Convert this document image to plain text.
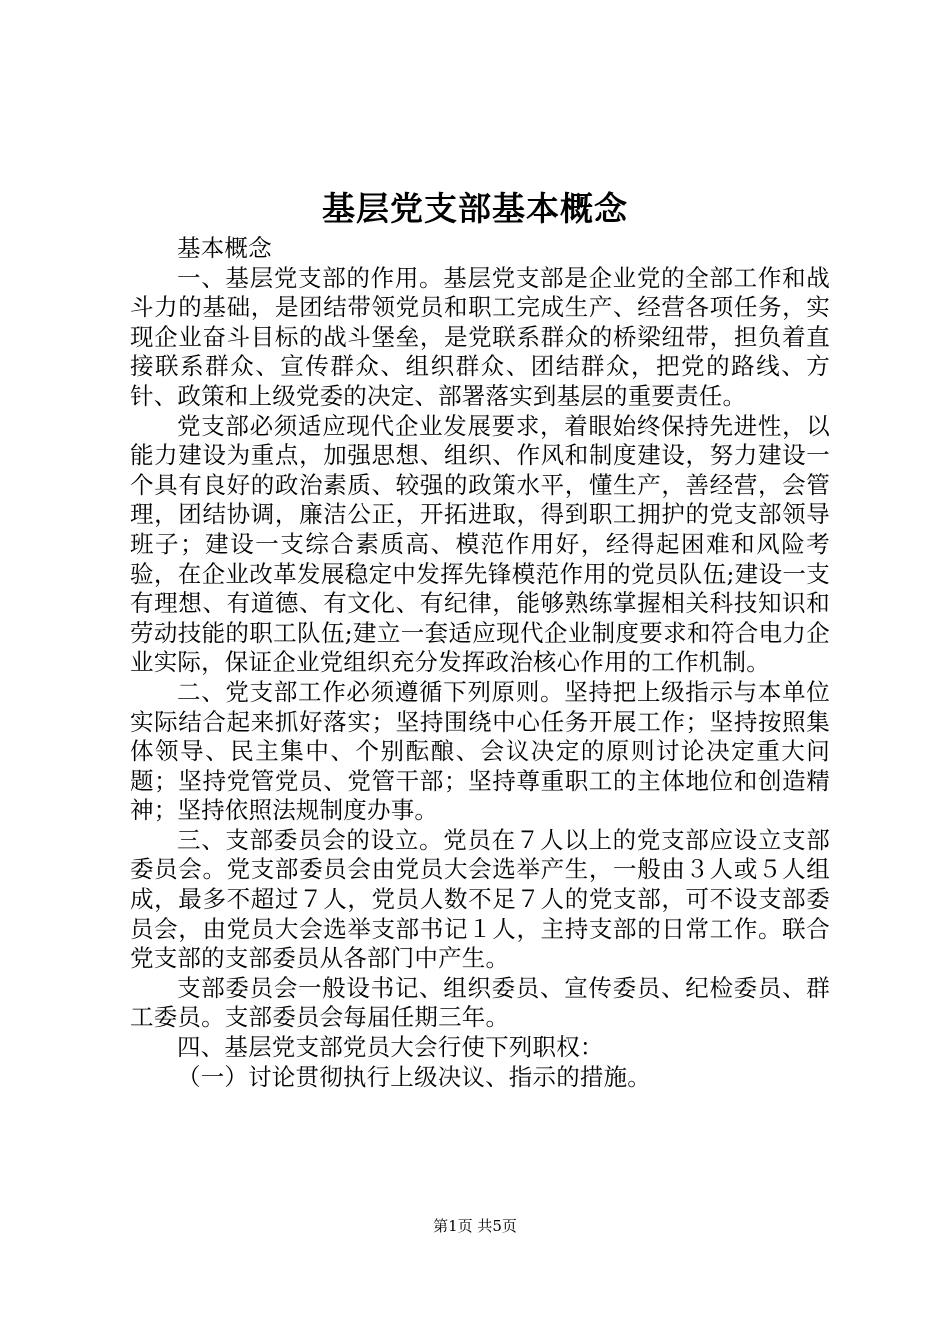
基层党支部基本概念

基本概念

一、基层党支部的作用。基层党支部是企业党的全部工作和战斗力的基础，是团结带领党员和职工完成生产、经营各项任务，实现企业奋斗目标的战斗堡垒，是党联系群众的桥梁纽带，担负着直接联系群众、宣传群众、组织群众、团结群众，把党的路线、方针、政策和上级党委的决定、部署落实到基层的重要责任。

党支部必须适应现代企业发展要求，着眼始终保持先进性，以能力建设为重点，加强思想、组织、作风和制度建设，努力建设一个具有良好的政治素质、较强的政策水平，懂生产，善经营，会管理，团结协调，廉洁公正，开拓进取，得到职工拥护的党支部领导班子；建设一支综合素质高、模范作用好，经得起困难和风险考验，在企业改革发展稳定中发挥先锋模范作用的党员队伍;建设一支有理想、有道德、有文化、有纪律，能够熟练掌握相关科技知识和劳动技能的职工队伍;建立一套适应现代企业制度要求和符合电力企业实际，保证企业党组织充分发挥政治核心作用的工作机制。

二、党支部工作必须遵循下列原则。坚持把上级指示与本单位实际结合起来抓好落实；坚持围绕中心任务开展工作；坚持按照集体领导、民主集中、个别酝酿、会议决定的原则讨论决定重大问题；坚持党管党员、党管干部；坚持尊重职工的主体地位和创造精神；坚持依照法规制度办事。

三、支部委员会的设立。党员在７人以上的党支部应设立支部委员会。党支部委员会由党员大会选举产生，一般由３人或５人组成，最多不超过７人，党员人数不足７人的党支部，可不设支部委员会，由党员大会选举支部书记１人，主持支部的日常工作。联合党支部的支部委员从各部门中产生。

支部委员会一般设书记、组织委员、宣传委员、纪检委员、群工委员。支部委员会每届任期三年。

四、基层党支部党员大会行使下列职权：

（一）讨论贯彻执行上级决议、指示的措施。

第1页 共5页
